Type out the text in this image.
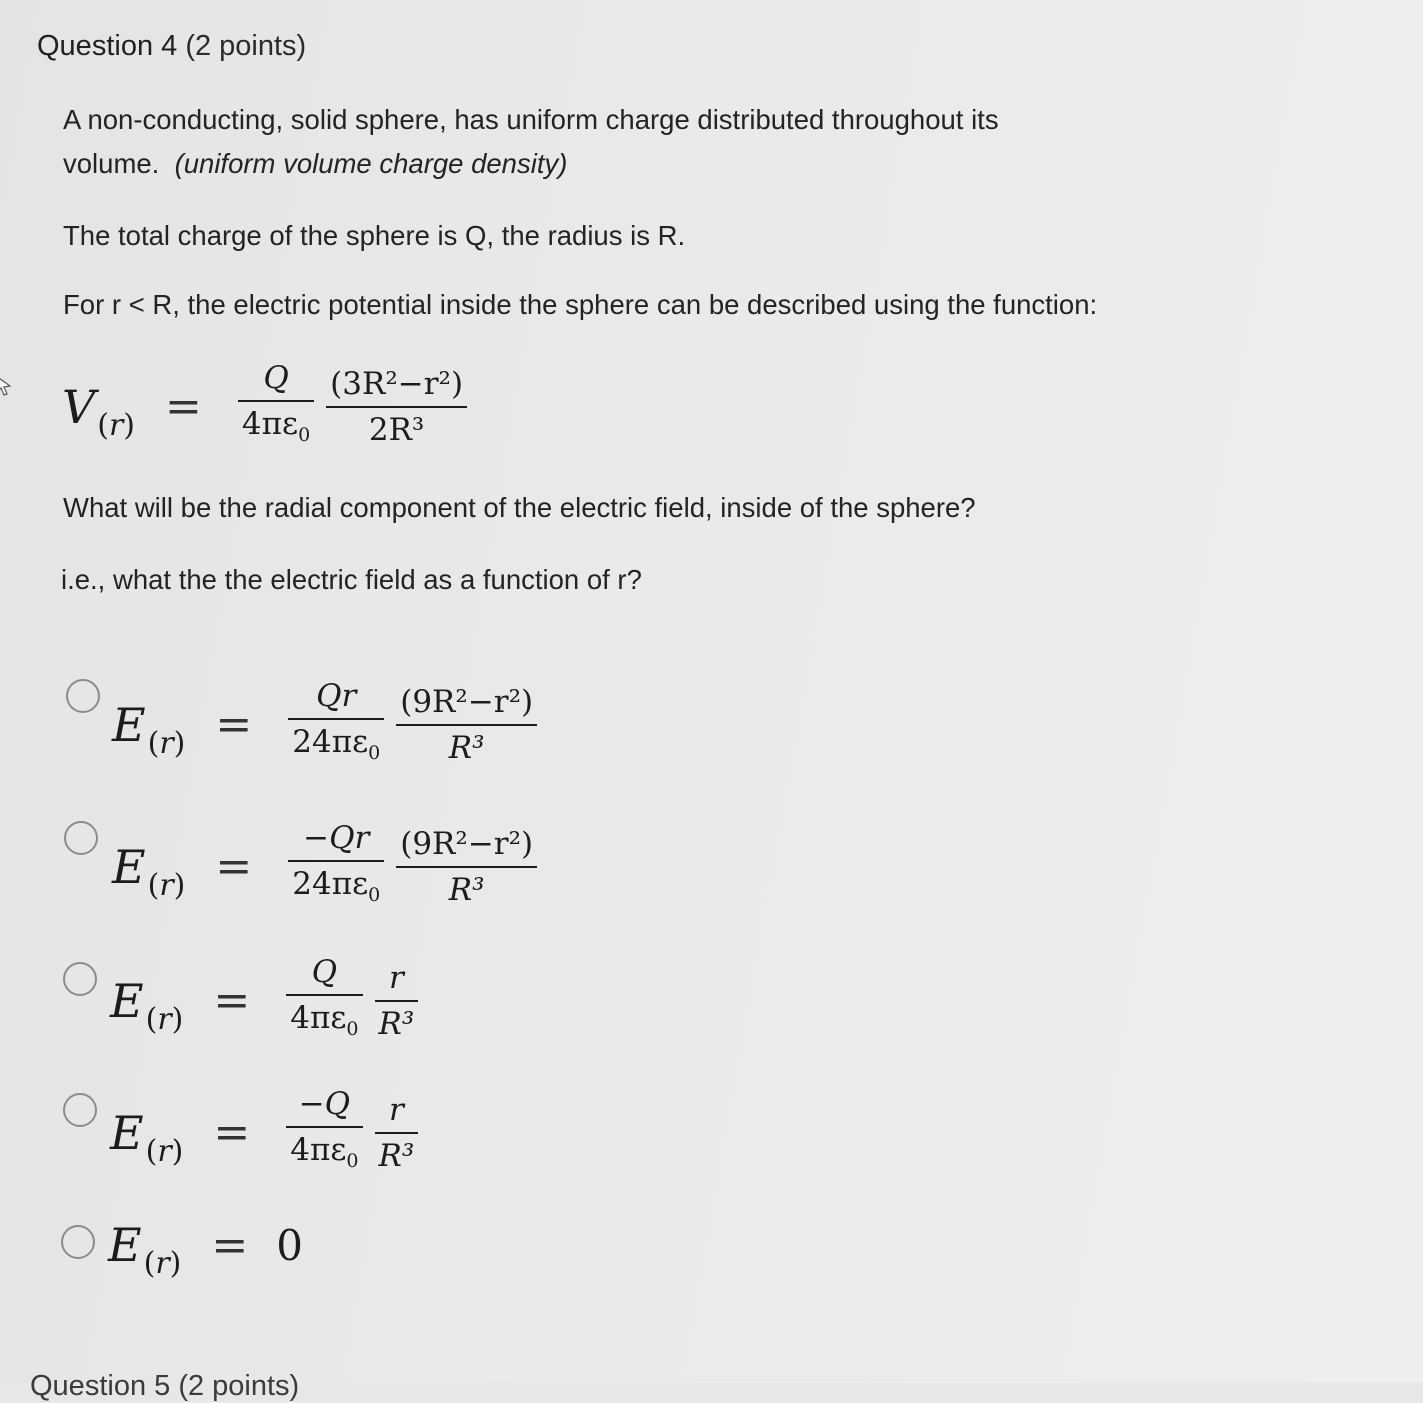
Question 4 (2 points)
A non-conducting, solid sphere, has uniform charge distributed throughout its
volume. (uniform volume charge density)
The total charge of the sphere is Q, the radius is R.
For r < R, the electric potential inside the sphere can be described using the function:
V $(r) = \frac{Q}{4\pi\varepsilon_0} \frac{\text{(3R²−r²)}}{\text{2R³}}$
What will be the radial component of the electric field, inside of the sphere?
i.e., what the the electric field as a function of r?
E $(r) = \frac{Qr}{24\pi\varepsilon_0} \frac{\text{(9R²−r²)}}{\text{R³}}$
E $(r) = \frac{-Qr}{24\pi\varepsilon_0} \frac{\text{(9R²−r²)}}{\text{R³}}$
E $(r) = \frac{Q}{4\pi\varepsilon_0} \frac{r}{\text{R³}}$
E $(r) = \frac{-Q}{4\pi\varepsilon_0} \frac{r}{\text{R³}}$
E (r) = 0
Question 5 (2 points)
